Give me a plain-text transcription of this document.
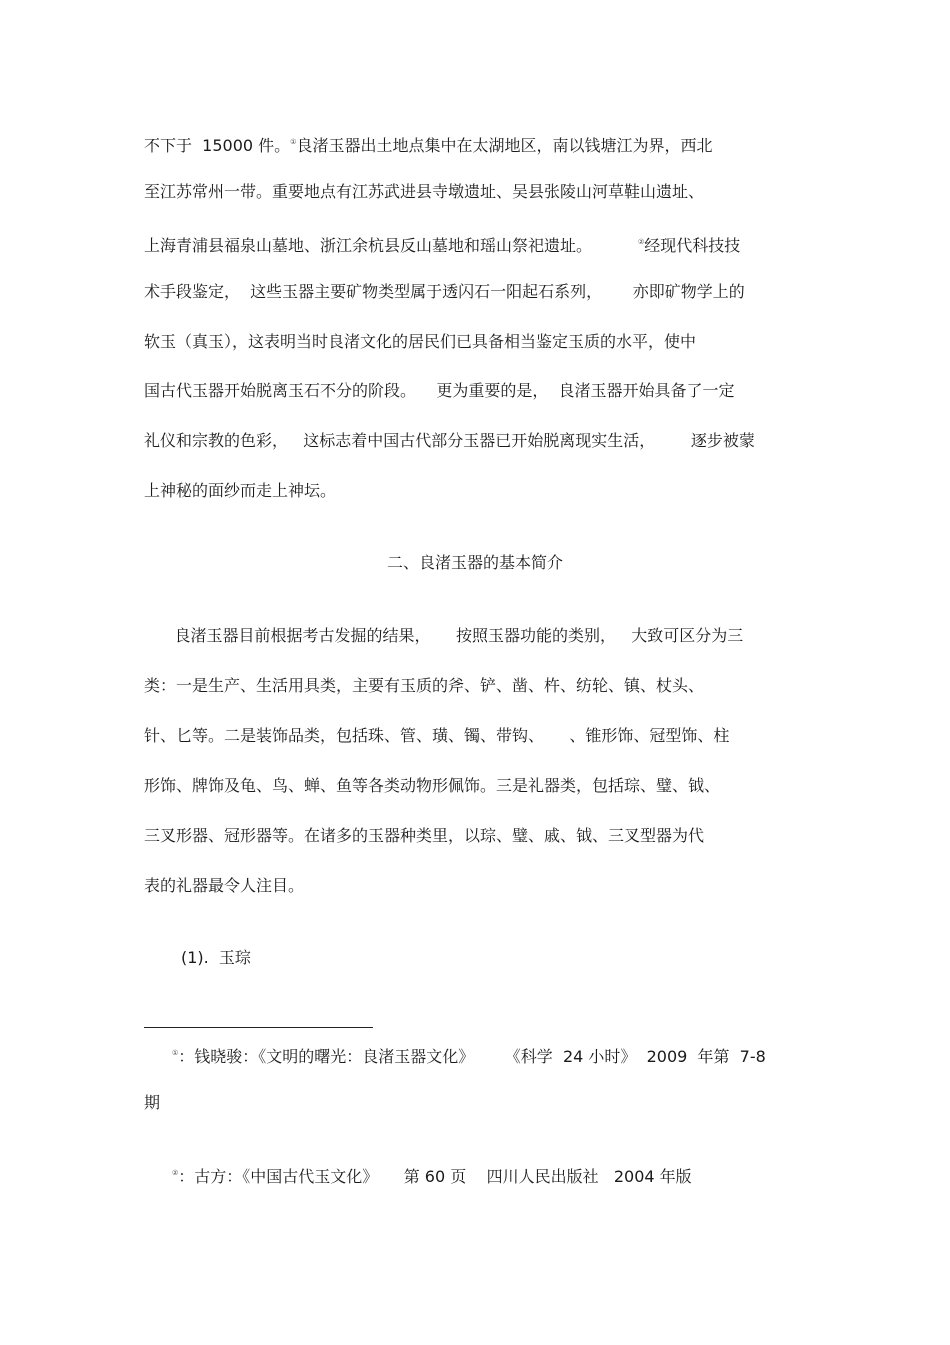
不下于  15000 件。①良渚玉器出土地点集中在太湖地区，南以钱塘江为界，西北
至江苏常州一带。重要地点有江苏武进县寺墩遗址、吴县张陵山河草鞋山遗址、
上海青浦县福泉山墓地、浙江余杭县反山墓地和瑶山祭祀遗址。	②经现代科技技
术手段鉴定，  这些玉器主要矿物类型属于透闪石一阳起石系列，      亦即矿物学上的
软玉（真玉），这表明当时良渚文化的居民们已具备相当鉴定玉质的水平，使中
国古代玉器开始脱离玉石不分的阶段。    更为重要的是，  良渚玉器开始具备了一定
礼仪和宗教的色彩，   这标志着中国古代部分玉器已开始脱离现实生活，       逐步被蒙
上神秘的面纱而走上神坛。
二、良渚玉器的基本简介
良渚玉器目前根据考古发掘的结果，     按照玉器功能的类别，   大致可区分为三
类：一是生产、生活用具类，主要有玉质的斧、铲、凿、杵、纺轮、镇、杖头、
针、匕等。二是装饰品类，包括珠、管、璜、镯、带钩、     、锥形饰、冠型饰、柱
形饰、牌饰及龟、鸟、蝉、鱼等各类动物形佩饰。三是礼器类，包括琮、璧、钺、
三叉形器、冠形器等。在诸多的玉器种类里，以琮、璧、戚、钺、三叉型器为代
表的礼器最令人注目。
(1).  玉琮
①：钱晓骏：《文明的曙光：良渚玉器文化》      《科学  24 小时》  2009  年第  7-8
期
②：古方：《中国古代玉文化》     第 60 页    四川人民出版社   2004 年版
